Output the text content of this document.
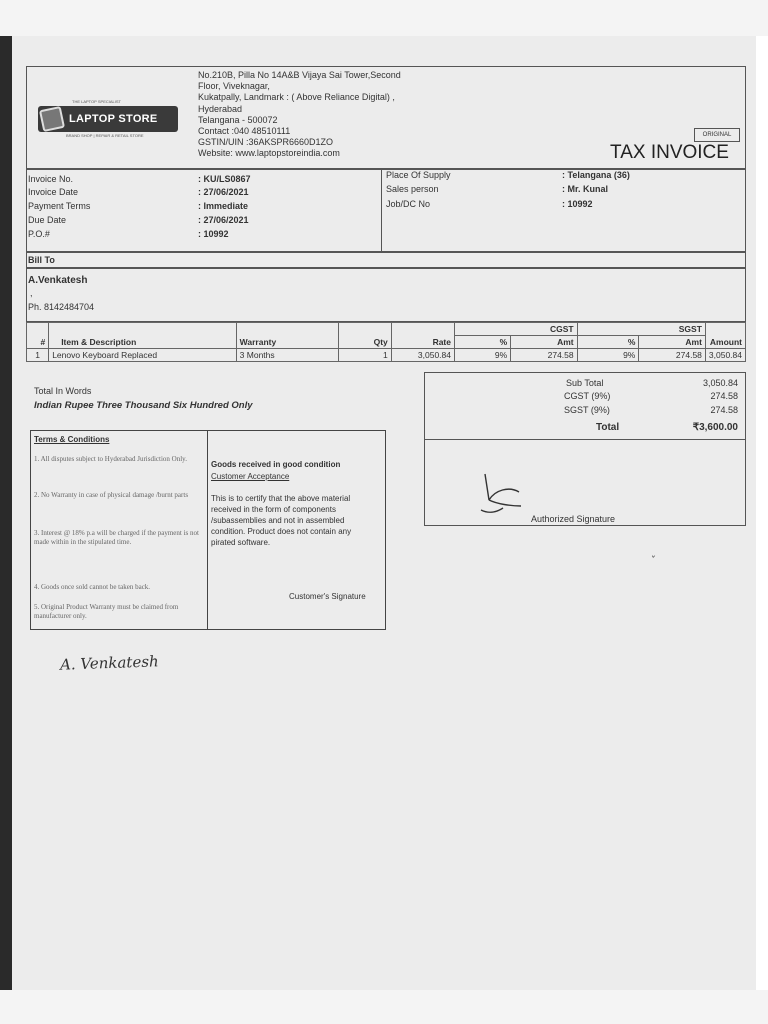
THE LAPTOP SPECIALIST
LAPTOP STORE
BRAND SHOP | REPAIR & RETAIL STORE
No.210B, Pilla No 14A&B Vijaya Sai Tower,Second
Floor, Viveknagar,
Kukatpally, Landmark : ( Above Reliance Digital) ,
Hyderabad
Telangana - 500072
Contact :040 48510111
GSTIN/UIN :36AKSPR6660D1ZO
Website: www.laptopstoreindia.com
ORIGINAL
TAX INVOICE
Invoice No.	: KU/LS0867
Invoice Date	: 27/06/2021
Payment Terms	: Immediate
Due Date	: 27/06/2021
P.O.#	: 10992
Place Of Supply	: Telangana (36)
Sales person	: Mr. Kunal
Job/DC No	: 10992
Bill To
A.Venkatesh
,
Ph. 8142484704
					CGST		SGST		
#	Item & Description	Warranty	Qty	Rate	%	Amt	%	Amt	Amount
1	Lenovo Keyboard Replaced	3 Months	1	3,050.84	9%	274.58	9%	274.58	3,050.84
Total In Words
Indian Rupee Three Thousand Six Hundred Only
Sub Total	3,050.84
CGST (9%)	274.58
SGST (9%)	274.58
Total	₹3,600.00
Authorized Signature
Terms & Conditions
1. All disputes subject to Hyderabad Jurisdiction Only.
2. No Warranty in case of physical damage /burnt parts
3. Interest @ 18% p.a will be charged if the payment is not made within in the stipulated time.
4. Goods once sold cannot be taken back.
5. Original Product Warranty must be claimed from manufacturer only.
Goods received in good condition
Customer Acceptance
This is to certify that the above material
received in the form of components
/subassemblies and not in assembled
condition. Product does not contain any
pirated software.
Customer's Signature
A. Venkatesh
ˇ
